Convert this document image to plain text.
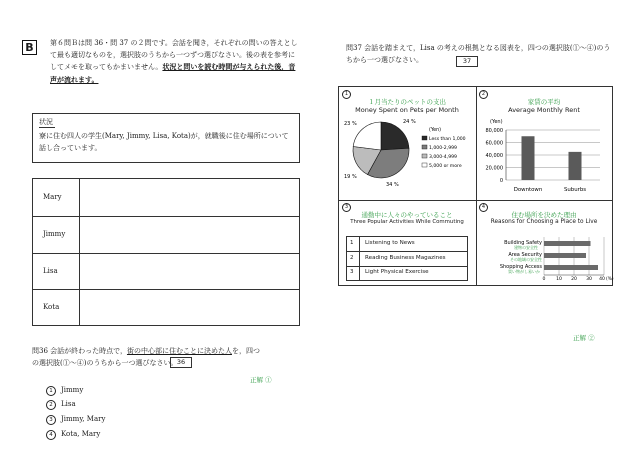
B	第６問Ｂは問 36・問 37 の２問です。会話を聞き，それぞれの問いの答えとして最も適切なものを，選択肢のうちから一つずつ選びなさい。後の表を参考にしてメモを取ってもかまいません。状況と問いを読む時間が与えられた後，音声が流れます。
状況
寮に住む四人の学生(Mary, Jimmy, Lisa, Kota)が，就職後に住む場所について話し合っています。
Mary
Jimmy
Lisa
Kota
問36 会話が終わった時点で，街の中心部に住むことに決めた人を，四つの選択肢(①～④)のうちから一つ選びなさい。 36
正解 ①
1	Jimmy
2	Lisa
3	Jimmy, Mary
4	Kota, Mary
問37 会話を踏まえて，Lisa の考えの根拠となる図表を，四つの選択肢(①～④)のうちから一つ選びなさい。	37
1
１月当たりのペットの支出
Money Spent on Pets per Month
24 %
34 %
19 %
23 %
(Yen)
Less than 1,000
1,000-2,999
3,000-4,999
5,000 or more
2
家賃の平均
Average Monthly Rent
(Yen)
80,000
60,000
40,000
20,000
0
Downtown	Suburbs
3
通勤中に人々のやっていること
Three Popular Activities While Commuting
1 Listening to News
2 Reading Business Magazines
3 Light Physical Exercise
4
住む場所を決めた理由
Reasons for Choosing a Place to Live
Building Safety
建物の安全性
Area Security
その地域の安全性
Shopping Access
買い物がし易いか
0 10 20 30 40 (%)
正解 ②
